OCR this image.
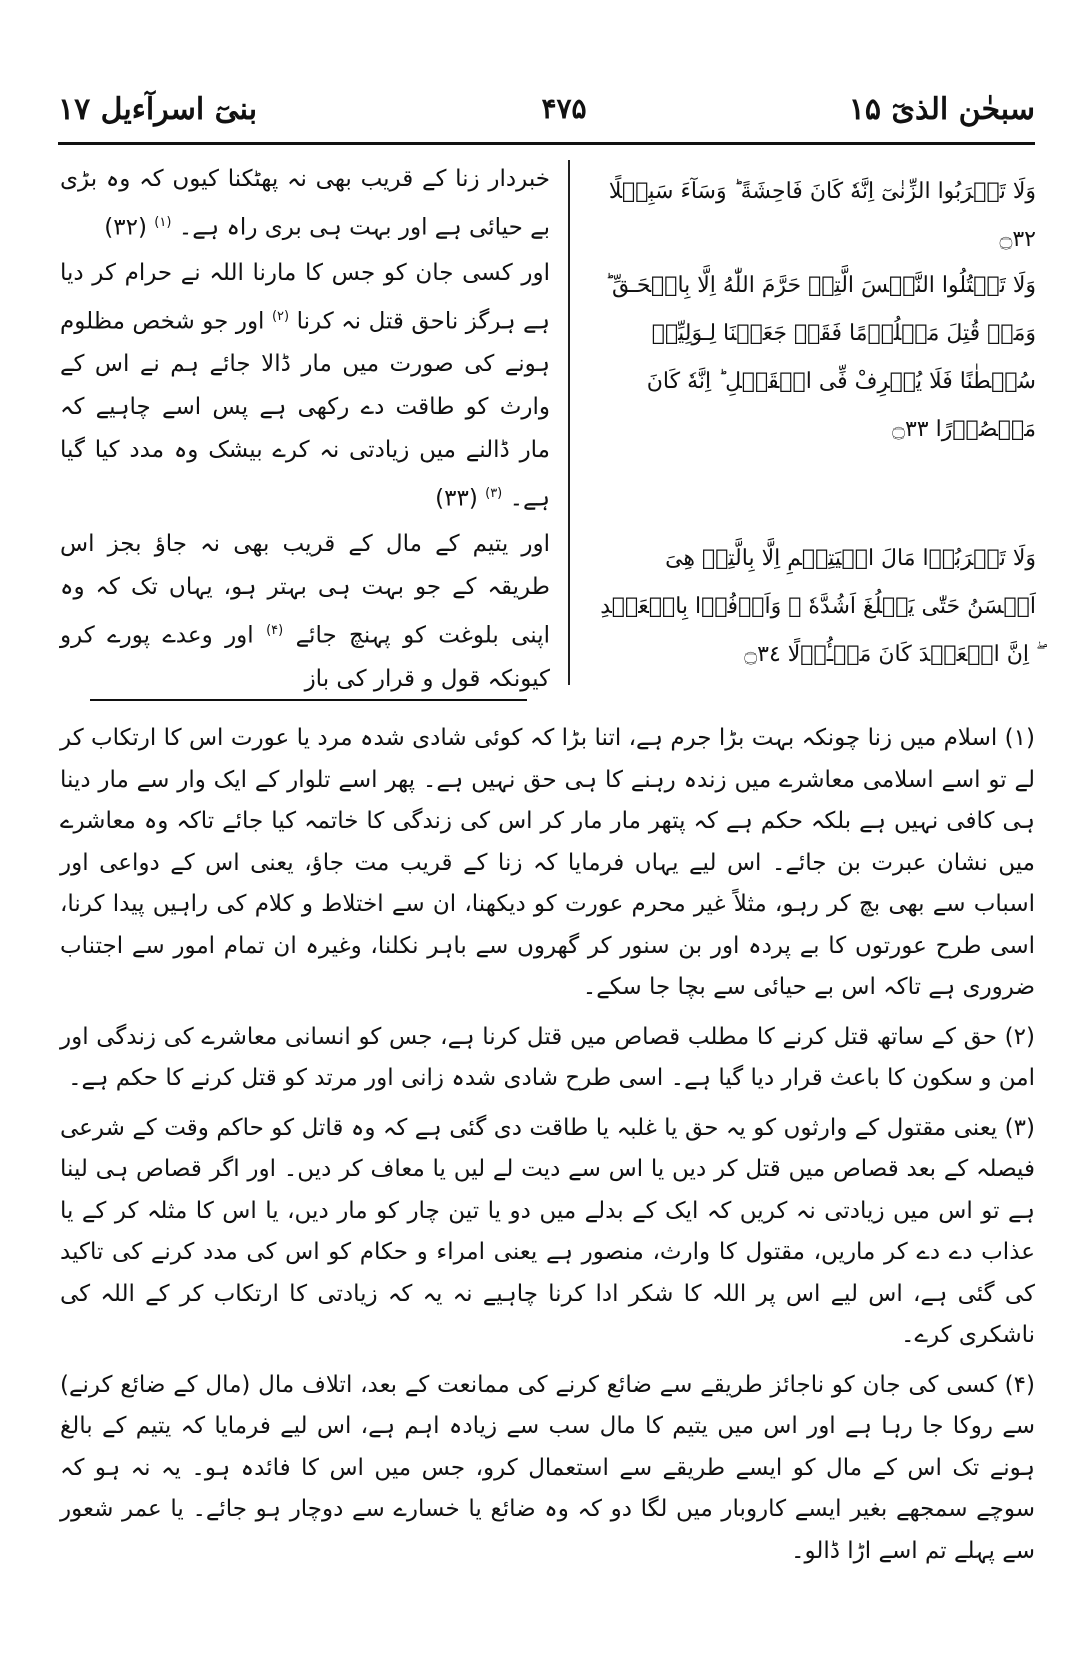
بنیٓ اسرآءیل ۱۷	۴۷۵	سبحٰن الذیٓ ۱۵
وَلَا تَقۡرَبُوا الزِّنٰىٓ اِنَّهٗ كَانَ فَاحِشَةً ؕ وَسَآءَ سَبِيۡلًا ۝٣٢
وَلَا تَقۡتُلُوا النَّفۡسَ الَّتِىۡ حَرَّمَ اللّٰهُ اِلَّا بِالۡحَـقِّ ؕ وَمَنۡ قُتِلَ مَظۡلُوۡمًا فَقَدۡ جَعَلۡنَا لِـوَلِيِّهٖ سُلۡطٰنًا فَلَا يُسۡرِفْ فِّى الۡقَتۡلِ ؕ اِنَّهٗ كَانَ مَنۡصُوۡرًا ۝٣٣
وَلَا تَقۡرَبُوۡا مَالَ الۡيَتِيۡمِ اِلَّا بِالَّتِىۡ هِىَ اَحۡسَنُ حَتّٰى يَبۡلُغَ اَشُدَّهٗ ۖ وَاَوۡفُوۡا بِالۡعَهۡدِ ۖ اِنَّ الۡعَهۡدَ كَانَ مَسۡـُٔوۡلًا ۝٣٤

خبردار زنا کے قریب بھی نہ پھٹکنا کیوں کہ وہ بڑی بے حیائی ہے اور بہت ہی بری راہ ہے۔ $^{(۱)}$ (۳۲)

اور کسی جان کو جس کا مارنا اللہ نے حرام کر دیا ہے ہرگز ناحق قتل نہ کرنا $^{(۲)}$ اور جو شخص مظلوم ہونے کی صورت میں مار ڈالا جائے ہم نے اس کے وارث کو طاقت دے رکھی ہے پس اسے چاہیے کہ مار ڈالنے میں زیادتی نہ کرے بیشک وہ مدد کیا گیا ہے۔ $^{(۳)}$ (۳۳)

اور یتیم کے مال کے قریب بھی نہ جاؤ بجز اس طریقہ کے جو بہت ہی بہتر ہو، یہاں تک کہ وہ اپنی بلوغت کو پہنچ جائے $^{(۴)}$ اور وعدے پورے کرو کیونکہ قول و قرار کی باز

(۱) اسلام میں زنا چونکہ بہت بڑا جرم ہے، اتنا بڑا کہ کوئی شادی شدہ مرد یا عورت اس کا ارتکاب کر لے تو اسے اسلامی معاشرے میں زندہ رہنے کا ہی حق نہیں ہے۔ پھر اسے تلوار کے ایک وار سے مار دینا ہی کافی نہیں ہے بلکہ حکم ہے کہ پتھر مار مار کر اس کی زندگی کا خاتمہ کیا جائے تاکہ وہ معاشرے میں نشان عبرت بن جائے۔ اس لیے یہاں فرمایا کہ زنا کے قریب مت جاؤ، یعنی اس کے دواعی اور اسباب سے بھی بچ کر رہو، مثلاً غیر محرم عورت کو دیکھنا، ان سے اختلاط و کلام کی راہیں پیدا کرنا، اسی طرح عورتوں کا بے پردہ اور بن سنور کر گھروں سے باہر نکلنا، وغیرہ ان تمام امور سے اجتناب ضروری ہے تاکہ اس بے حیائی سے بچا جا سکے۔

(۲) حق کے ساتھ قتل کرنے کا مطلب قصاص میں قتل کرنا ہے، جس کو انسانی معاشرے کی زندگی اور امن و سکون کا باعث قرار دیا گیا ہے۔ اسی طرح شادی شدہ زانی اور مرتد کو قتل کرنے کا حکم ہے۔

(۳) یعنی مقتول کے وارثوں کو یہ حق یا غلبہ یا طاقت دی گئی ہے کہ وہ قاتل کو حاکم وقت کے شرعی فیصلہ کے بعد قصاص میں قتل کر دیں یا اس سے دیت لے لیں یا معاف کر دیں۔ اور اگر قصاص ہی لینا ہے تو اس میں زیادتی نہ کریں کہ ایک کے بدلے میں دو یا تین چار کو مار دیں، یا اس کا مثلہ کر کے یا عذاب دے دے کر ماریں، مقتول کا وارث، منصور ہے یعنی امراء و حکام کو اس کی مدد کرنے کی تاکید کی گئی ہے، اس لیے اس پر اللہ کا شکر ادا کرنا چاہیے نہ یہ کہ زیادتی کا ارتکاب کر کے اللہ کی ناشکری کرے۔

(۴) کسی کی جان کو ناجائز طریقے سے ضائع کرنے کی ممانعت کے بعد، اتلاف مال (مال کے ضائع کرنے) سے روکا جا رہا ہے اور اس میں یتیم کا مال سب سے زیادہ اہم ہے، اس لیے فرمایا کہ یتیم کے بالغ ہونے تک اس کے مال کو ایسے طریقے سے استعمال کرو، جس میں اس کا فائدہ ہو۔ یہ نہ ہو کہ سوچے سمجھے بغیر ایسے کاروبار میں لگا دو کہ وہ ضائع یا خسارے سے دوچار ہو جائے۔ یا عمر شعور سے پہلے تم اسے اڑا ڈالو۔
